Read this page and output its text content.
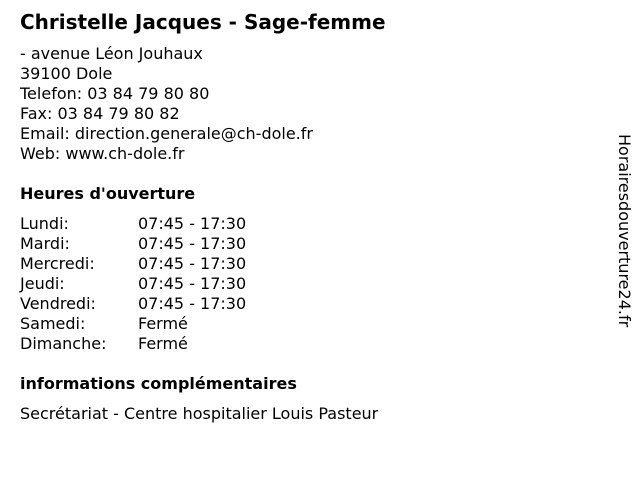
Christelle Jacques - Sage-femme
- avenue Léon Jouhaux
39100 Dole
Telefon: 03 84 79 80 80
Fax: 03 84 79 80 82
Email: direction.generale@ch-dole.fr
Web: www.ch-dole.fr
Heures d'ouverture
Lundi:	07:45 - 17:30
Mardi:	07:45 - 17:30
Mercredi:	07:45 - 17:30
Jeudi:	07:45 - 17:30
Vendredi:	07:45 - 17:30
Samedi:	Fermé
Dimanche: Fermé
informations complémentaires
Secrétariat - Centre hospitalier Louis Pasteur
Horairesdouverture24.fr
